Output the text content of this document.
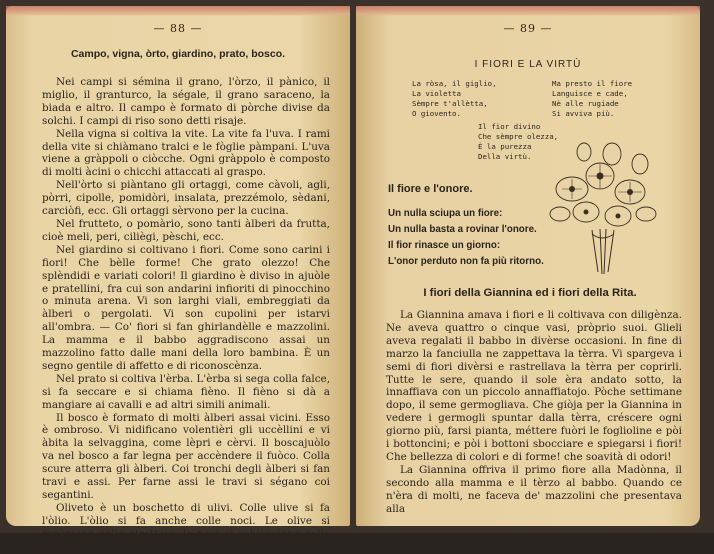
— 88 —
Campo, vigna, òrto, giardino, prato, bosco.

Nei campi si sémina il grano, l'òrzo, il pànico, il miglio, il granturco, la ségale, il grano saraceno, la biada e altro. Il campo è formato di pòrche divise da solchi. I campi di riso sono detti risaje.

Nella vigna si coltiva la vite. La vite fa l'uva. I rami della vite si chiàmano tralci e le fòglie pàmpani. L'uva viene a gràppoli o ciòcche. Ogni gràppolo è composto di molti àcini o chicchi attaccati al graspo.

Nell'òrto si piàntano gli ortaggi, come càvoli, agli, pòrri, cipolle, pomidòri, insalata, prezzémolo, sèdani, carciòfi, ecc. Gli ortaggi sèrvono per la cucina.

Nel frutteto, o pomàrio, sono tanti àlberi da frutta, cioè meli, peri, ciliègi, pèschi, ecc.

Nel giardino si coltivano i fiori. Come sono carini i fiori! Che bèlle forme! Che grato olezzo! Che splèndidi e variati colori! Il giardino è diviso in ajuòle e pratellini, fra cui son andarini infioriti di pinocchino o minuta arena. Vi son larghi viali, embreggiati da àlberi o pergolati. Vi son cupolini per istarvi all'ombra. — Co' fiori si fan ghirlandèlle e mazzolini. La mamma e il babbo aggradiscono assai un mazzolino fatto dalle mani della loro bambina. È un segno gentile di affetto e di riconoscènza.

Nel prato si coltiva l'èrba. L'èrba si sega colla falce, si fa seccare e si chiama fièno. Il fièno si dà a mangiare ai cavalli e ad altri simili animali.

Il bosco è formato di molti àlberi assai vicini. Esso è ombroso. Vi nidificano volentièri gli uccèllini e vi àbita la selvaggina, come lèpri e cèrvi. Il boscajuòlo va nel bosco a far legna per accèndere il fuòco. Colla scure atterra gli àlberi. Coi tronchi degli àlberi si fan travi e assi. Per farne assi le travi si ségano coi segantini.

Oliveto è un boschetto di ulivi. Colle ulive si fa l'òlio. L'òlio si fa anche colle noci. Le olive si sprèmono collo strettojo; le noci si schiàcciano colla màcina.

— 89 —
I FIORI E LA VIRTÙ
La ròsa, il giglio,
La violetta
Sèmpre t'allètta,
O giovento.
Ma presto il fiore
Languisce e cade,
Nè alle rugiade
Si avviva più.
Il fior divino
Che sèmpre olezza,
È la purezza
Della virtù.
Il fiore e l'onore.
Un nulla sciupa un fiore:
Un nulla basta a rovinar l'onore.
Il fior rinasce un giorno:
L'onor perduto non fa più ritorno.
I fiori della Giannina ed i fiori della Rita.

La Giannina amava i fiori e li coltivava con diligènza. Ne aveva quattro o cinque vasi, pròprio suoi. Glieli aveva regalati il babbo in divèrse occasioni. In fine di marzo la fanciulla ne zappettava la tèrra. Vi spargeva i semi di fiori divèrsi e rastrellava la tèrra per coprirli. Tutte le sere, quando il sole èra andato sotto, la innaffiava con un piccolo annaffiatojo. Pòche settimane dopo, il seme germogliava. Che giòja per la Giannina in vedere i germogli spuntar dalla tèrra, créscere ogni giorno più, farsi pianta, méttere fuòri le foglioline e pòi i bottoncini; e pòi i bottoni sbocciare e spiegarsi i fiori! Che bellezza di colori e di forme! che soavità di odori!

La Giannina offriva il primo fiore alla Madònna, il secondo alla mamma e il tèrzo al babbo. Quando ce n'èra di molti, ne faceva de' mazzolini che presentava alla
